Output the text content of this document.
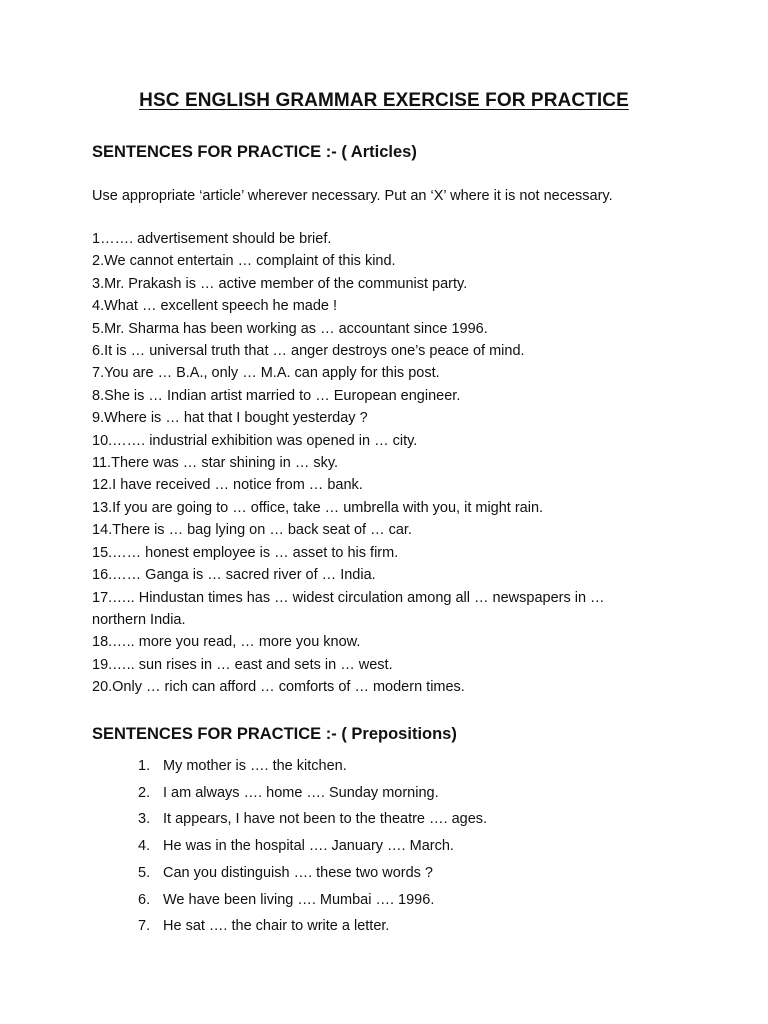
HSC ENGLISH GRAMMAR EXERCISE FOR PRACTICE
SENTENCES FOR PRACTICE :- ( Articles)
Use appropriate ‘article’ wherever necessary. Put an ‘X’ where it is not necessary.
1……. advertisement should be brief.
2.We cannot entertain … complaint of this kind.
3.Mr. Prakash is … active member of the communist party.
4.What … excellent speech he made !
5.Mr. Sharma has been working as … accountant since 1996.
6.It is … universal truth that … anger destroys one’s peace of mind.
7.You are … B.A., only … M.A. can apply for this post.
8.She is … Indian artist married to … European engineer.
9.Where is … hat that I bought yesterday ?
10.……. industrial exhibition was opened in … city.
11.There was … star shining in … sky.
12.I have received … notice from … bank.
13.If you are going to … office, take … umbrella with you, it might rain.
14.There is … bag lying on … back seat of … car.
15.…… honest employee is … asset to his firm.
16.…… Ganga is … sacred river of … India.
17.….. Hindustan times has … widest circulation among all … newspapers in … northern India.
18.….. more you read, … more you know.
19.….. sun rises in … east and sets in … west.
20.Only … rich can afford … comforts of … modern times.
SENTENCES FOR PRACTICE :- ( Prepositions)
1. My mother is …. the kitchen.
2. I am always …. home …. Sunday morning.
3. It appears, I have not been to the theatre …. ages.
4. He was in the hospital …. January …. March.
5. Can you distinguish …. these two words ?
6. We have been living …. Mumbai …. 1996.
7. He sat …. the chair to write a letter.
